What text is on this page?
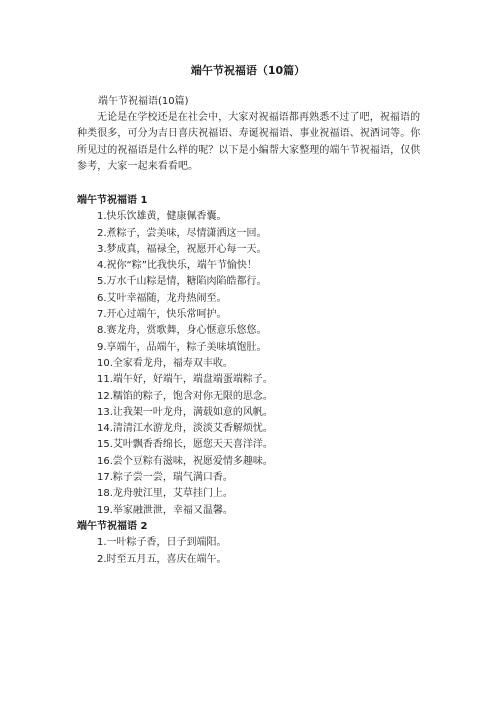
端午节祝福语（10篇）
端午节祝福语(10篇)
无论是在学校还是在社会中，大家对祝福语都再熟悉不过了吧，祝福语的种类很多，可分为吉日喜庆祝福语、寿诞祝福语、事业祝福语、祝酒词等。你所见过的祝福语是什么样的呢？以下是小编帮大家整理的端午节祝福语，仅供参考，大家一起来看看吧。
端午节祝福语 1
1.快乐饮雄黄，健康佩香囊。
2.煮粽子，尝美味，尽情潇洒这一回。
3.梦成真，福禄全，祝愿开心每一天。
4.祝你“粽”比我快乐，端午节愉快！
5.万水千山粽是情，糖陷肉陷皓都行。
6.艾叶幸福随，龙舟热闹至。
7.开心过端午，快乐常呵护。
8.赛龙舟，赏歌舞，身心惬意乐悠悠。
9.享端午，品端午，粽子美味填饱肚。
10.全家看龙舟，福寿双丰收。
11.端午好，好端午，端盘端蛋端粽子。
12.糯馅的粽子，饱含对你无限的思念。
13.让我架一叶龙舟，满载如意的风帆。
14.清清江水游龙舟，淡淡艾香解烦忧。
15.艾叶飘香香绵长，愿您天天喜洋洋。
16.尝个豆粽有滋味，祝愿爱情多趣味。
17.粽子尝一尝，瑞气满口香。
18.龙舟驶江里，艾草挂门上。
19.举家融泄泄，幸福又温馨。
端午节祝福语 2
1.一叶粽子香，日子到端阳。
2.时至五月五，喜庆在端午。
